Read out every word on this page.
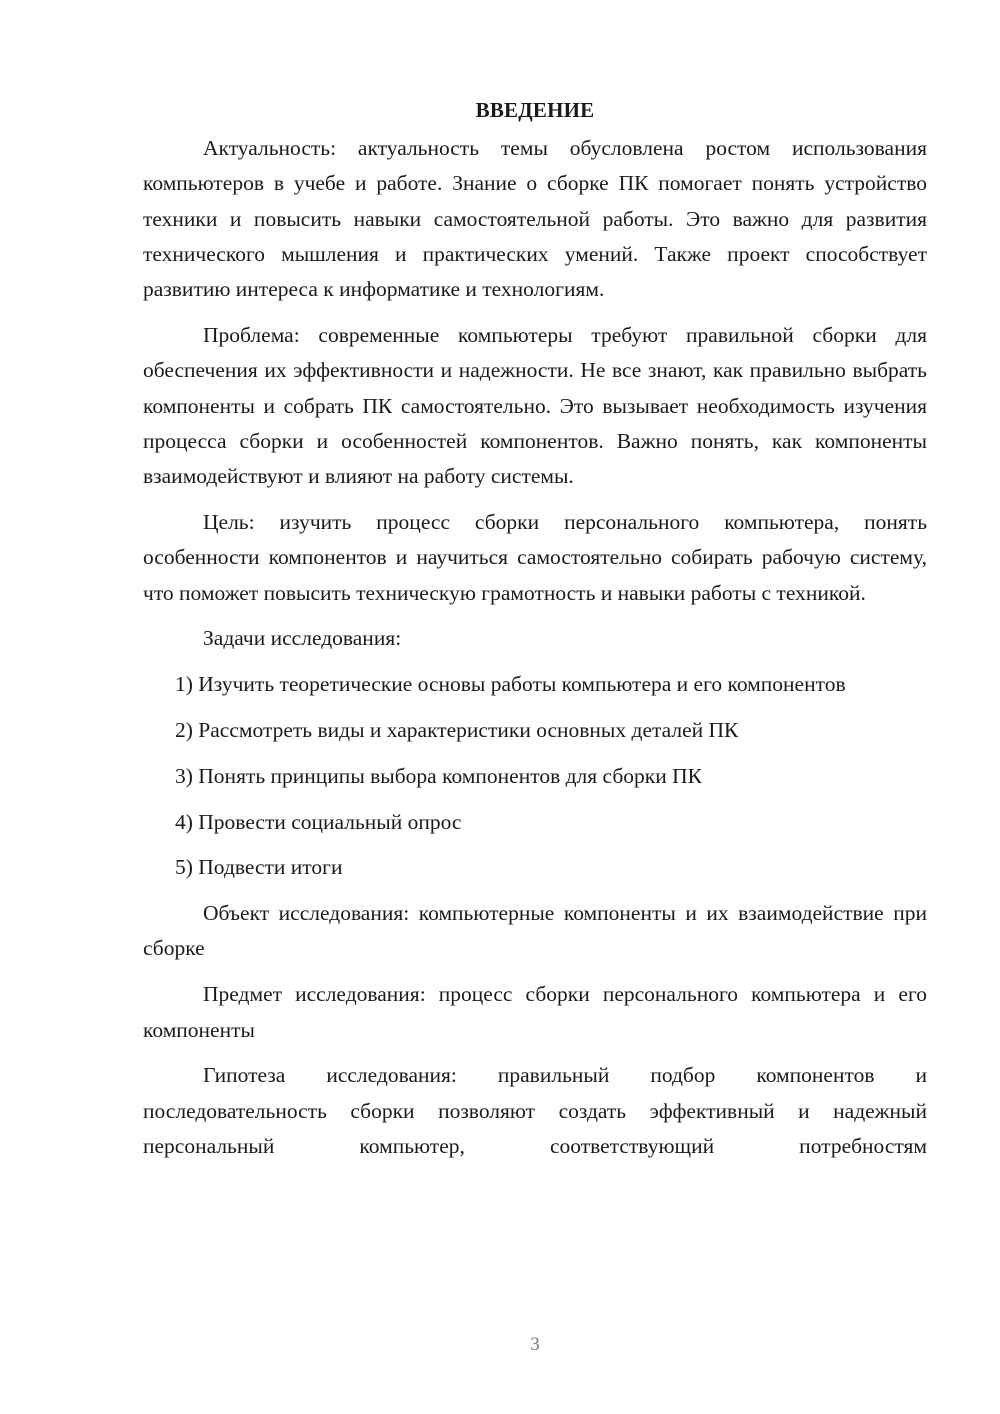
ВВЕДЕНИЕ

Актуальность: актуальность темы обусловлена ростом использования компьютеров в учебе и работе. Знание о сборке ПК помогает понять устройство техники и повысить навыки самостоятельной работы. Это важно для развития технического мышления и практических умений. Также проект способствует развитию интереса к информатике и технологиям.

Проблема: современные компьютеры требуют правильной сборки для обеспечения их эффективности и надежности. Не все знают, как правильно выбрать компоненты и собрать ПК самостоятельно. Это вызывает необходимость изучения процесса сборки и особенностей компонентов. Важно понять, как компоненты взаимодействуют и влияют на работу системы.

Цель: изучить процесс сборки персонального компьютера, понять особенности компонентов и научиться самостоятельно собирать рабочую систему, что поможет повысить техническую грамотность и навыки работы с техникой.

Задачи исследования:

1) Изучить теоретические основы работы компьютера и его компонентов

2) Рассмотреть виды и характеристики основных деталей ПК

3) Понять принципы выбора компонентов для сборки ПК

4) Провести социальный опрос

5) Подвести итоги

Объект исследования: компьютерные компоненты и их взаимодействие при сборке

Предмет исследования: процесс сборки персонального компьютера и его компоненты

Гипотеза исследования: правильный подбор компонентов и последовательность сборки позволяют создать эффективный и надежный персональный компьютер, соответствующий потребностям

3
